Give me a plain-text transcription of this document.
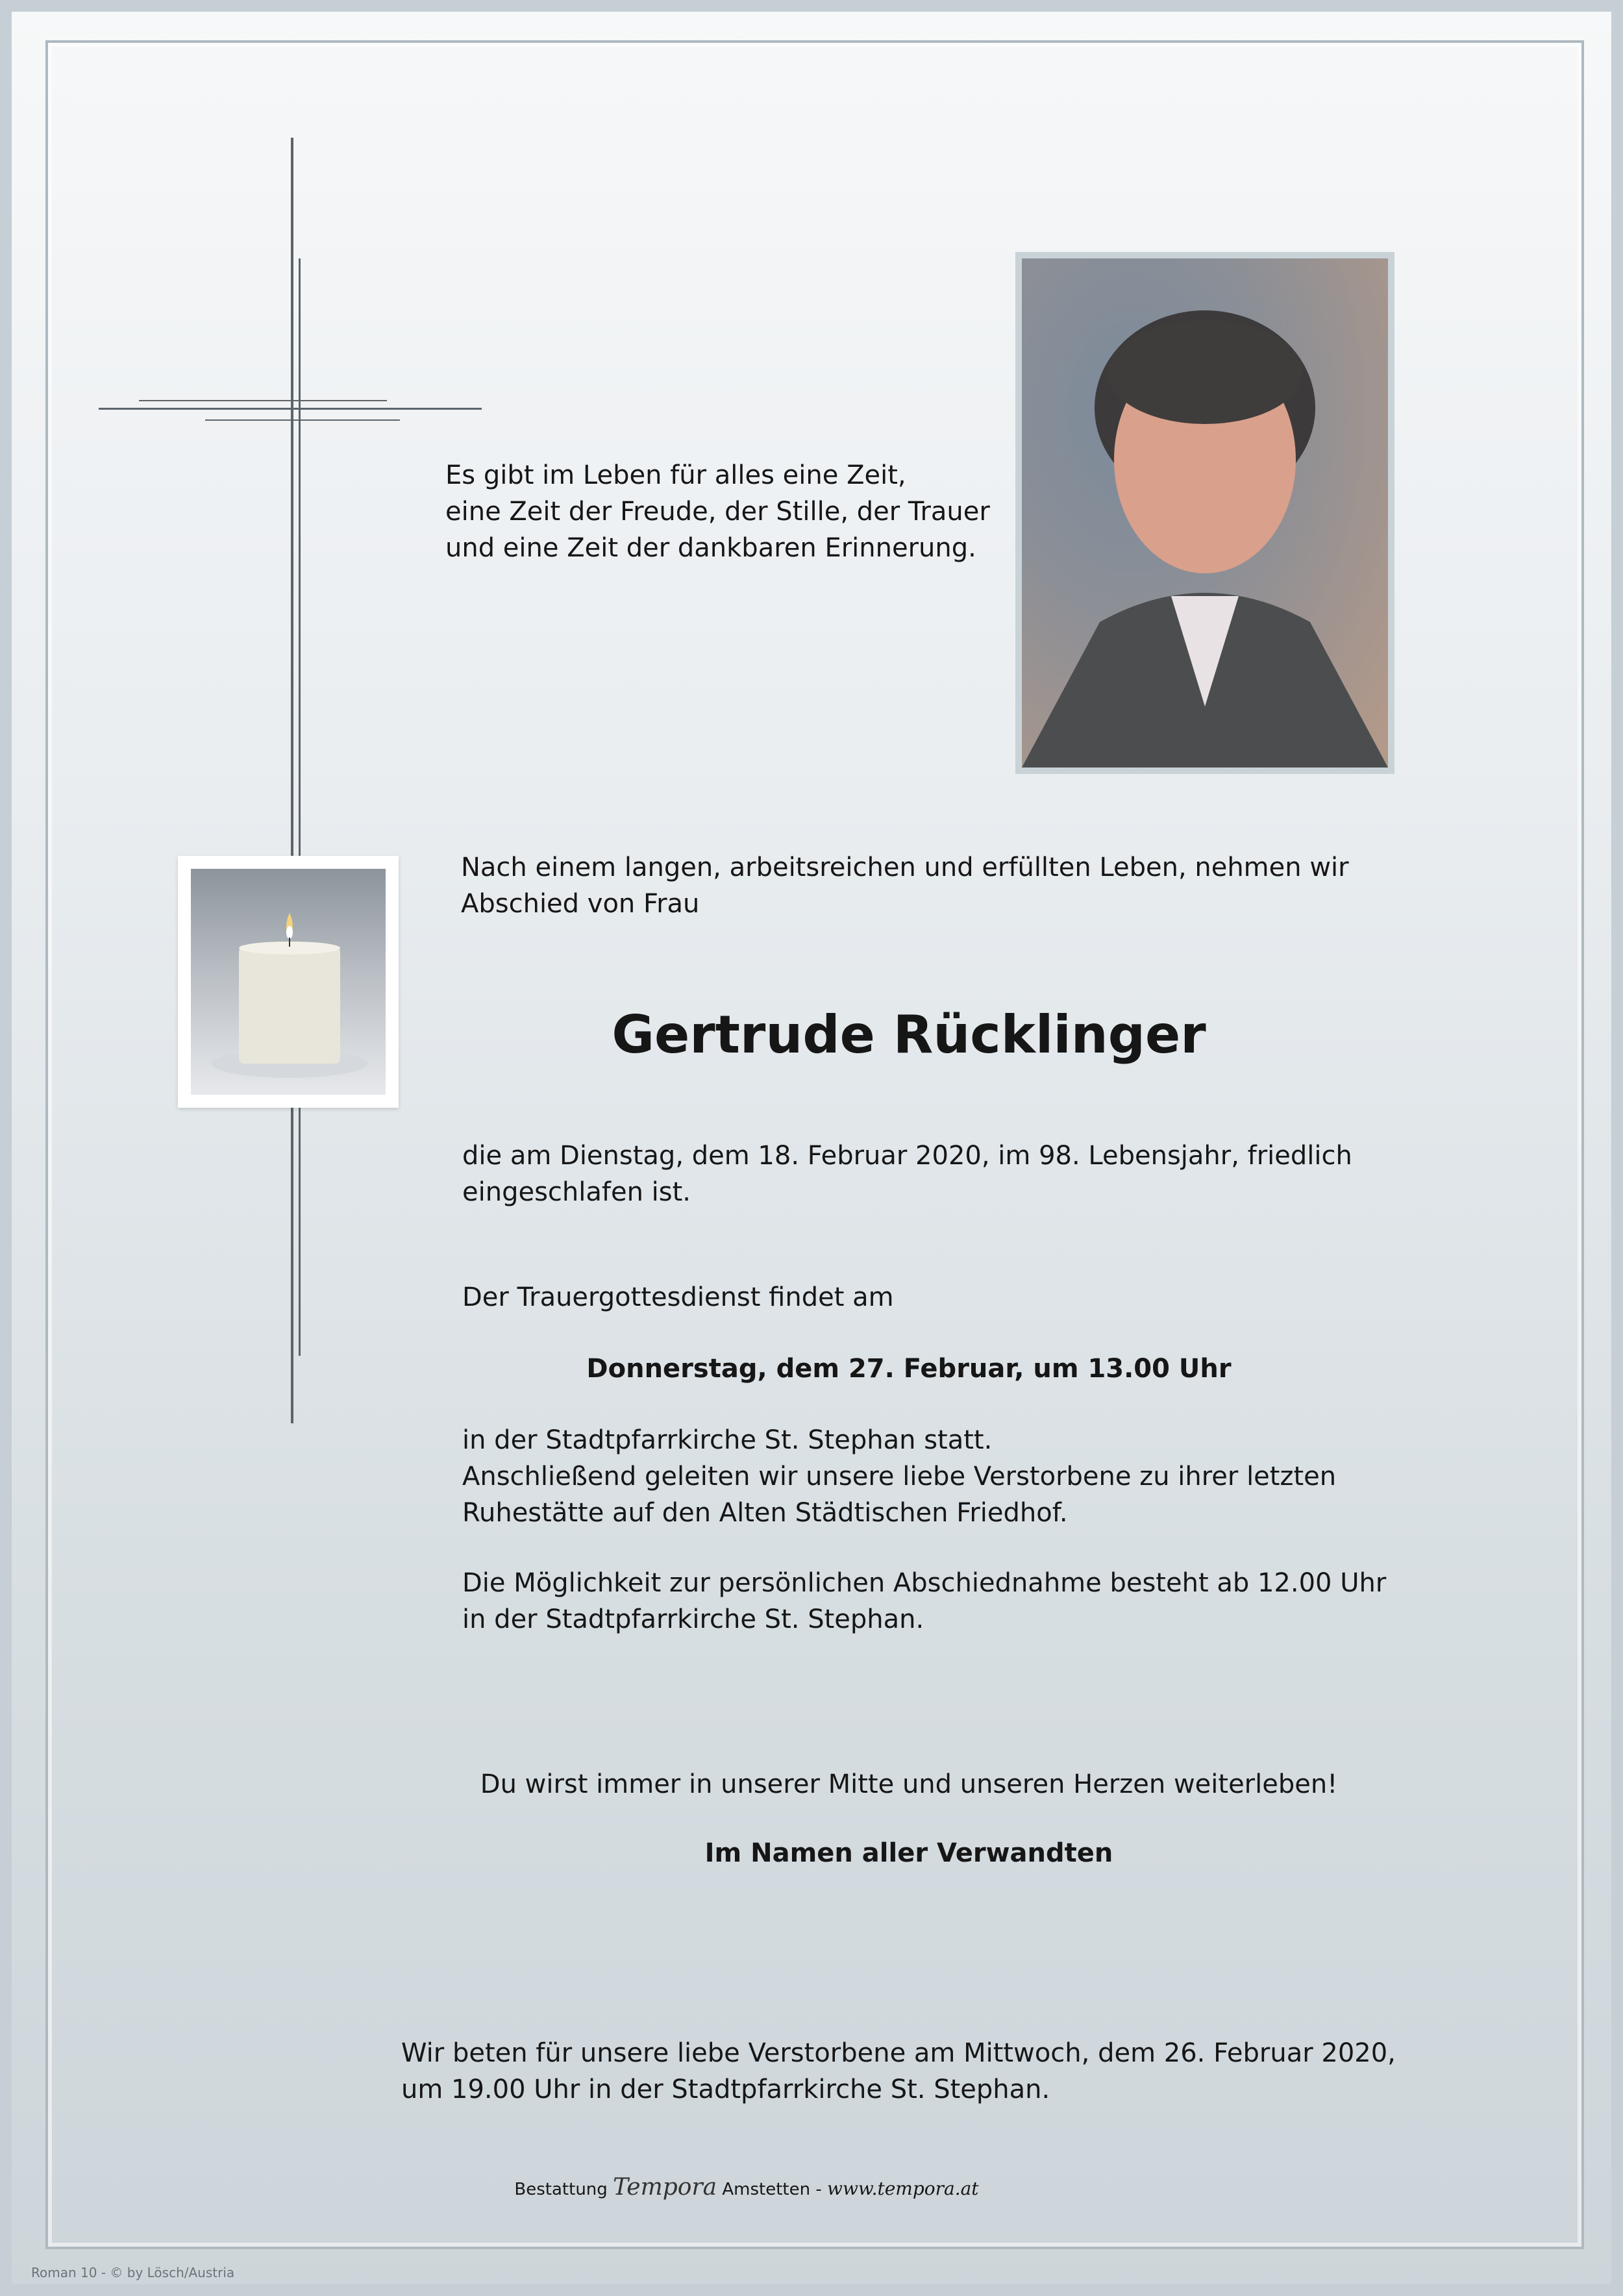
Es gibt im Leben für alles eine Zeit,

eine Zeit der Freude, der Stille, der Trauer

und eine Zeit der dankbaren Erinnerung.

Nach einem langen, arbeitsreichen und erfüllten Leben, nehmen wir

Abschied von Frau

Gertrude Rücklinger

die am Dienstag, dem 18. Februar 2020, im 98. Lebensjahr, friedlich

eingeschlafen ist.

Der Trauergottesdienst findet am

Donnerstag, dem 27. Februar, um 13.00 Uhr

in der Stadtpfarrkirche St. Stephan statt.

Anschließend geleiten wir unsere liebe Verstorbene zu ihrer letzten

Ruhestätte auf den Alten Städtischen Friedhof.

Die Möglichkeit zur persönlichen Abschiednahme besteht ab 12.00 Uhr

in der Stadtpfarrkirche St. Stephan.

Du wirst immer in unserer Mitte und unseren Herzen weiterleben!

Im Namen aller Verwandten

Wir beten für unsere liebe Verstorbene am Mittwoch, dem 26. Februar 2020,

um 19.00 Uhr in der Stadtpfarrkirche St. Stephan.

Bestattung Tempora Amstetten - www.tempora.at
Roman 10 - © by Lösch/Austria
